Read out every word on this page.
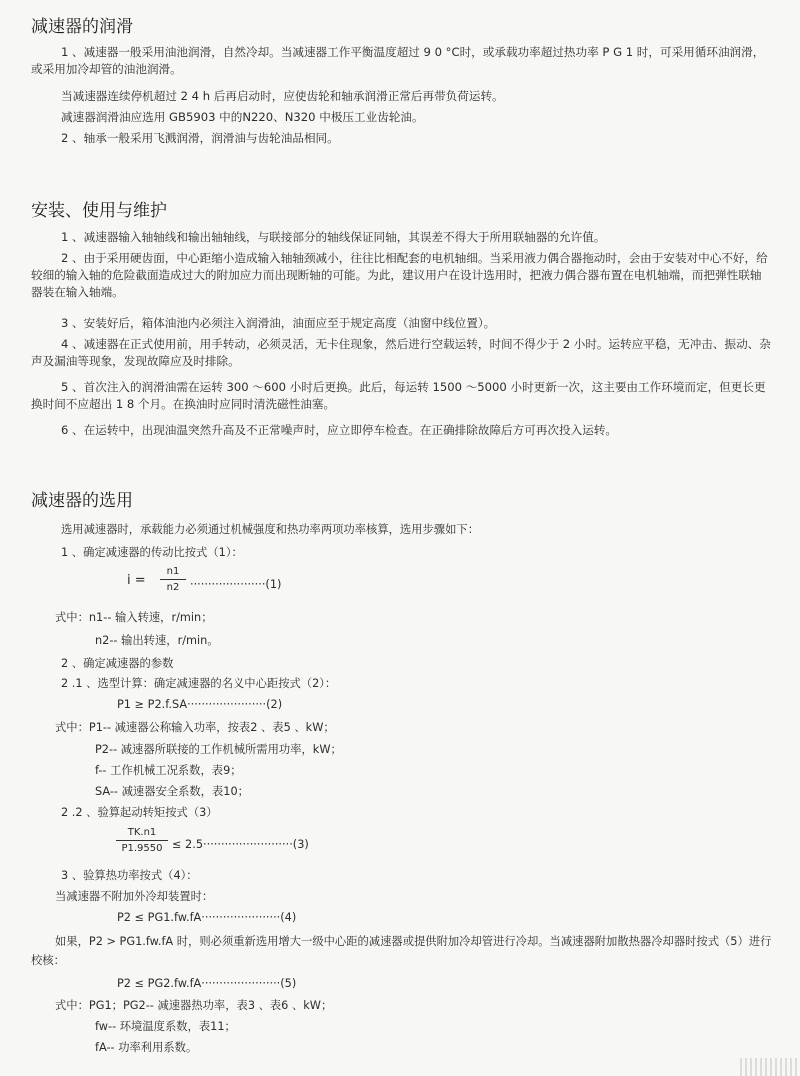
减速器的润滑

1 、减速器一般采用油池润滑，自然冷却。当减速器工作平衡温度超过 9 0 °C时，或承载功率超过热功率 P G 1 时，可采用循环油润滑，或采用加冷却管的油池润滑。

当减速器连续停机超过 2 4 h 后再启动时，应使齿轮和轴承润滑正常后再带负荷运转。

减速器润滑油应选用 GB5903 中的N220、N320 中极压工业齿轮油。

2 、轴承一般采用飞溅润滑，润滑油与齿轮油品相同。

安装、使用与维护

1 、减速器输入轴轴线和输出轴轴线，与联接部分的轴线保证同轴，其误差不得大于所用联轴器的允许值。

2 、由于采用硬齿面，中心距缩小造成输入轴轴颈减小，往往比相配套的电机轴细。当采用液力偶合器拖动时，会由于安装对中心不好，给较细的输入轴的危险截面造成过大的附加应力而出现断轴的可能。为此，建议用户在设计选用时，把液力偶合器布置在电机轴端，而把弹性联轴器装在输入轴端。

3 、安装好后，箱体油池内必须注入润滑油，油面应至于规定高度（油窗中线位置）。

4 、减速器在正式使用前，用手转动，必须灵活，无卡住现象，然后进行空载运转，时间不得少于 2 小时。运转应平稳，无冲击、振动、杂声及漏油等现象，发现故障应及时排除。

5 、首次注入的润滑油需在运转 300 ～600 小时后更换。此后，每运转 1500 ～5000 小时更新一次，这主要由工作环境而定，但更长更换时间不应超出 1 8 个月。在换油时应同时清洗磁性油塞。

6 、在运转中，出现油温突然升高及不正常噪声时，应立即停车检查。在正确排除故障后方可再次投入运转。

减速器的选用

选用减速器时，承载能力必须通过机械强度和热功率两项功率核算，选用步骤如下：

1 、确定减速器的传动比按式（1）：

i =
n1
n2 ·····················(1)

式中：n1-- 输入转速，r/min；

n2-- 输出转速，r/min。

2 、确定减速器的参数

2 .1 、选型计算：确定减速器的名义中心距按式（2）：

P1 ≥ P2.f.SA······················(2)

式中：P1-- 减速器公称输入功率，按表2 、表5 、kW；

P2-- 减速器所联接的工作机械所需用功率，kW；

f-- 工作机械工况系数，表9；

SA-- 减速器安全系数，表10；

2 .2 、验算起动转矩按式（3）

TK.n1
P1.9550 ≤ 2.5·························(3)

3 、验算热功率按式（4）：

当减速器不附加外冷却装置时：

P2 ≤ PG1.fw.fA······················(4)

如果，P2 > PG1.fw.fA 时，则必须重新选用增大一级中心距的减速器或提供附加冷却管进行冷却。当减速器附加散热器冷却器时按式（5）进行校核：

P2 ≤ PG2.fw.fA······················(5)

式中：PG1；PG2-- 减速器热功率，表3 、表6 、kW；

fw-- 环境温度系数，表11；

fA-- 功率利用系数。
